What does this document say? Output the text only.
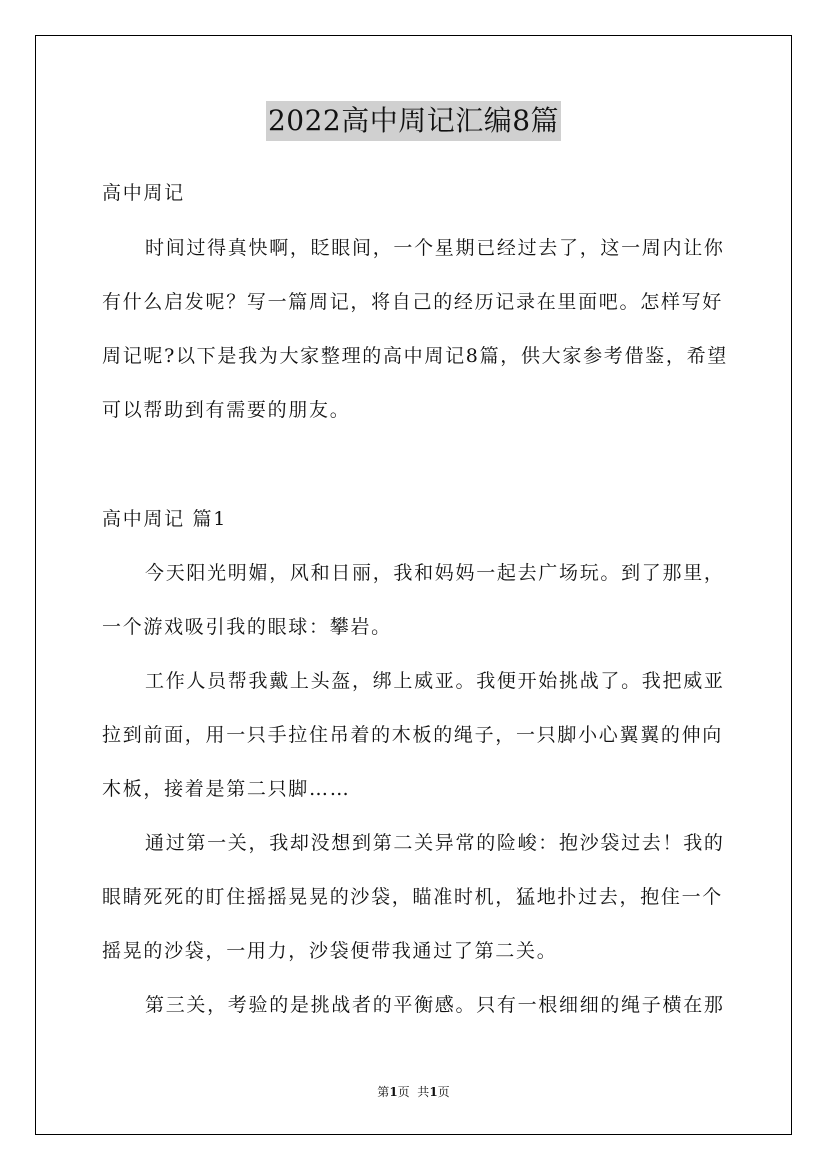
2022高中周记汇编8篇
高中周记
时间过得真快啊，眨眼间，一个星期已经过去了，这一周内让你
有什么启发呢？写一篇周记，将自己的经历记录在里面吧。怎样写好
周记呢?以下是我为大家整理的高中周记8篇，供大家参考借鉴，希望
可以帮助到有需要的朋友。
高中周记 篇1
今天阳光明媚，风和日丽，我和妈妈一起去广场玩。到了那里，
一个游戏吸引我的眼球：攀岩。
工作人员帮我戴上头盔，绑上威亚。我便开始挑战了。我把威亚
拉到前面，用一只手拉住吊着的木板的绳子，一只脚小心翼翼的伸向
木板，接着是第二只脚……
通过第一关，我却没想到第二关异常的险峻：抱沙袋过去！我的
眼睛死死的盯住摇摇晃晃的沙袋，瞄准时机，猛地扑过去，抱住一个
摇晃的沙袋，一用力，沙袋便带我通过了第二关。
第三关，考验的是挑战者的平衡感。只有一根细细的绳子横在那
第1页  共1页
